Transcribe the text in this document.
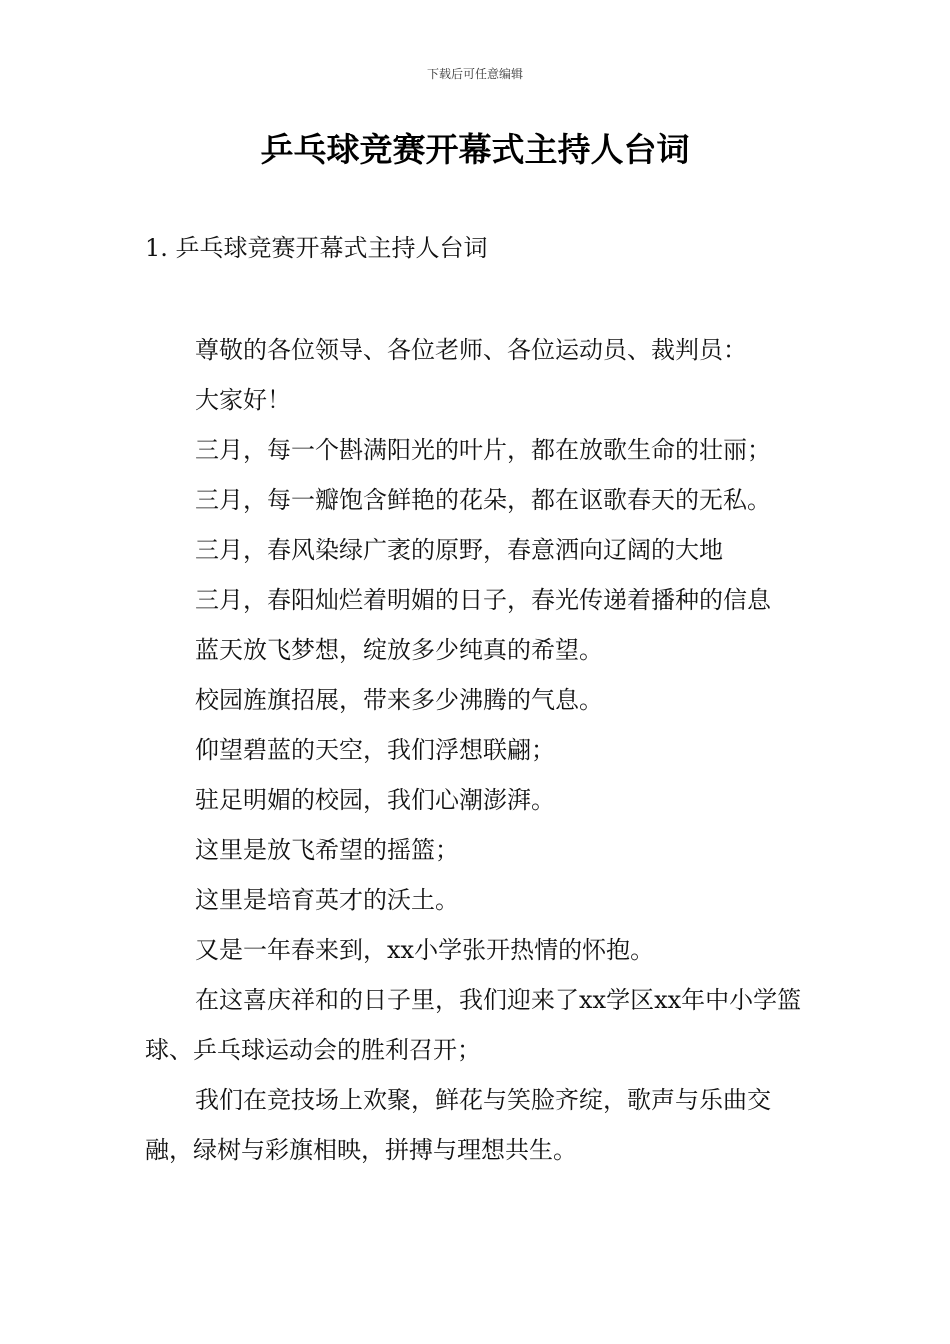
下载后可任意编辑
乒乓球竞赛开幕式主持人台词
1. 乒乓球竞赛开幕式主持人台词

尊敬的各位领导、各位老师、各位运动员、裁判员：

大家好！

三月，每一个斟满阳光的叶片，都在放歌生命的壮丽；

三月，每一瓣饱含鲜艳的花朵，都在讴歌春天的无私。

三月，春风染绿广袤的原野，春意洒向辽阔的大地

三月，春阳灿烂着明媚的日子，春光传递着播种的信息

蓝天放飞梦想，绽放多少纯真的希望。

校园旌旗招展，带来多少沸腾的气息。

仰望碧蓝的天空，我们浮想联翩；

驻足明媚的校园，我们心潮澎湃。

这里是放飞希望的摇篮；

这里是培育英才的沃土。

又是一年春来到，xx小学张开热情的怀抱。

在这喜庆祥和的日子里，我们迎来了xx学区xx年中小学篮球、乒乓球运动会的胜利召开；

我们在竞技场上欢聚，鲜花与笑脸齐绽，歌声与乐曲交融，绿树与彩旗相映，拼搏与理想共生。
